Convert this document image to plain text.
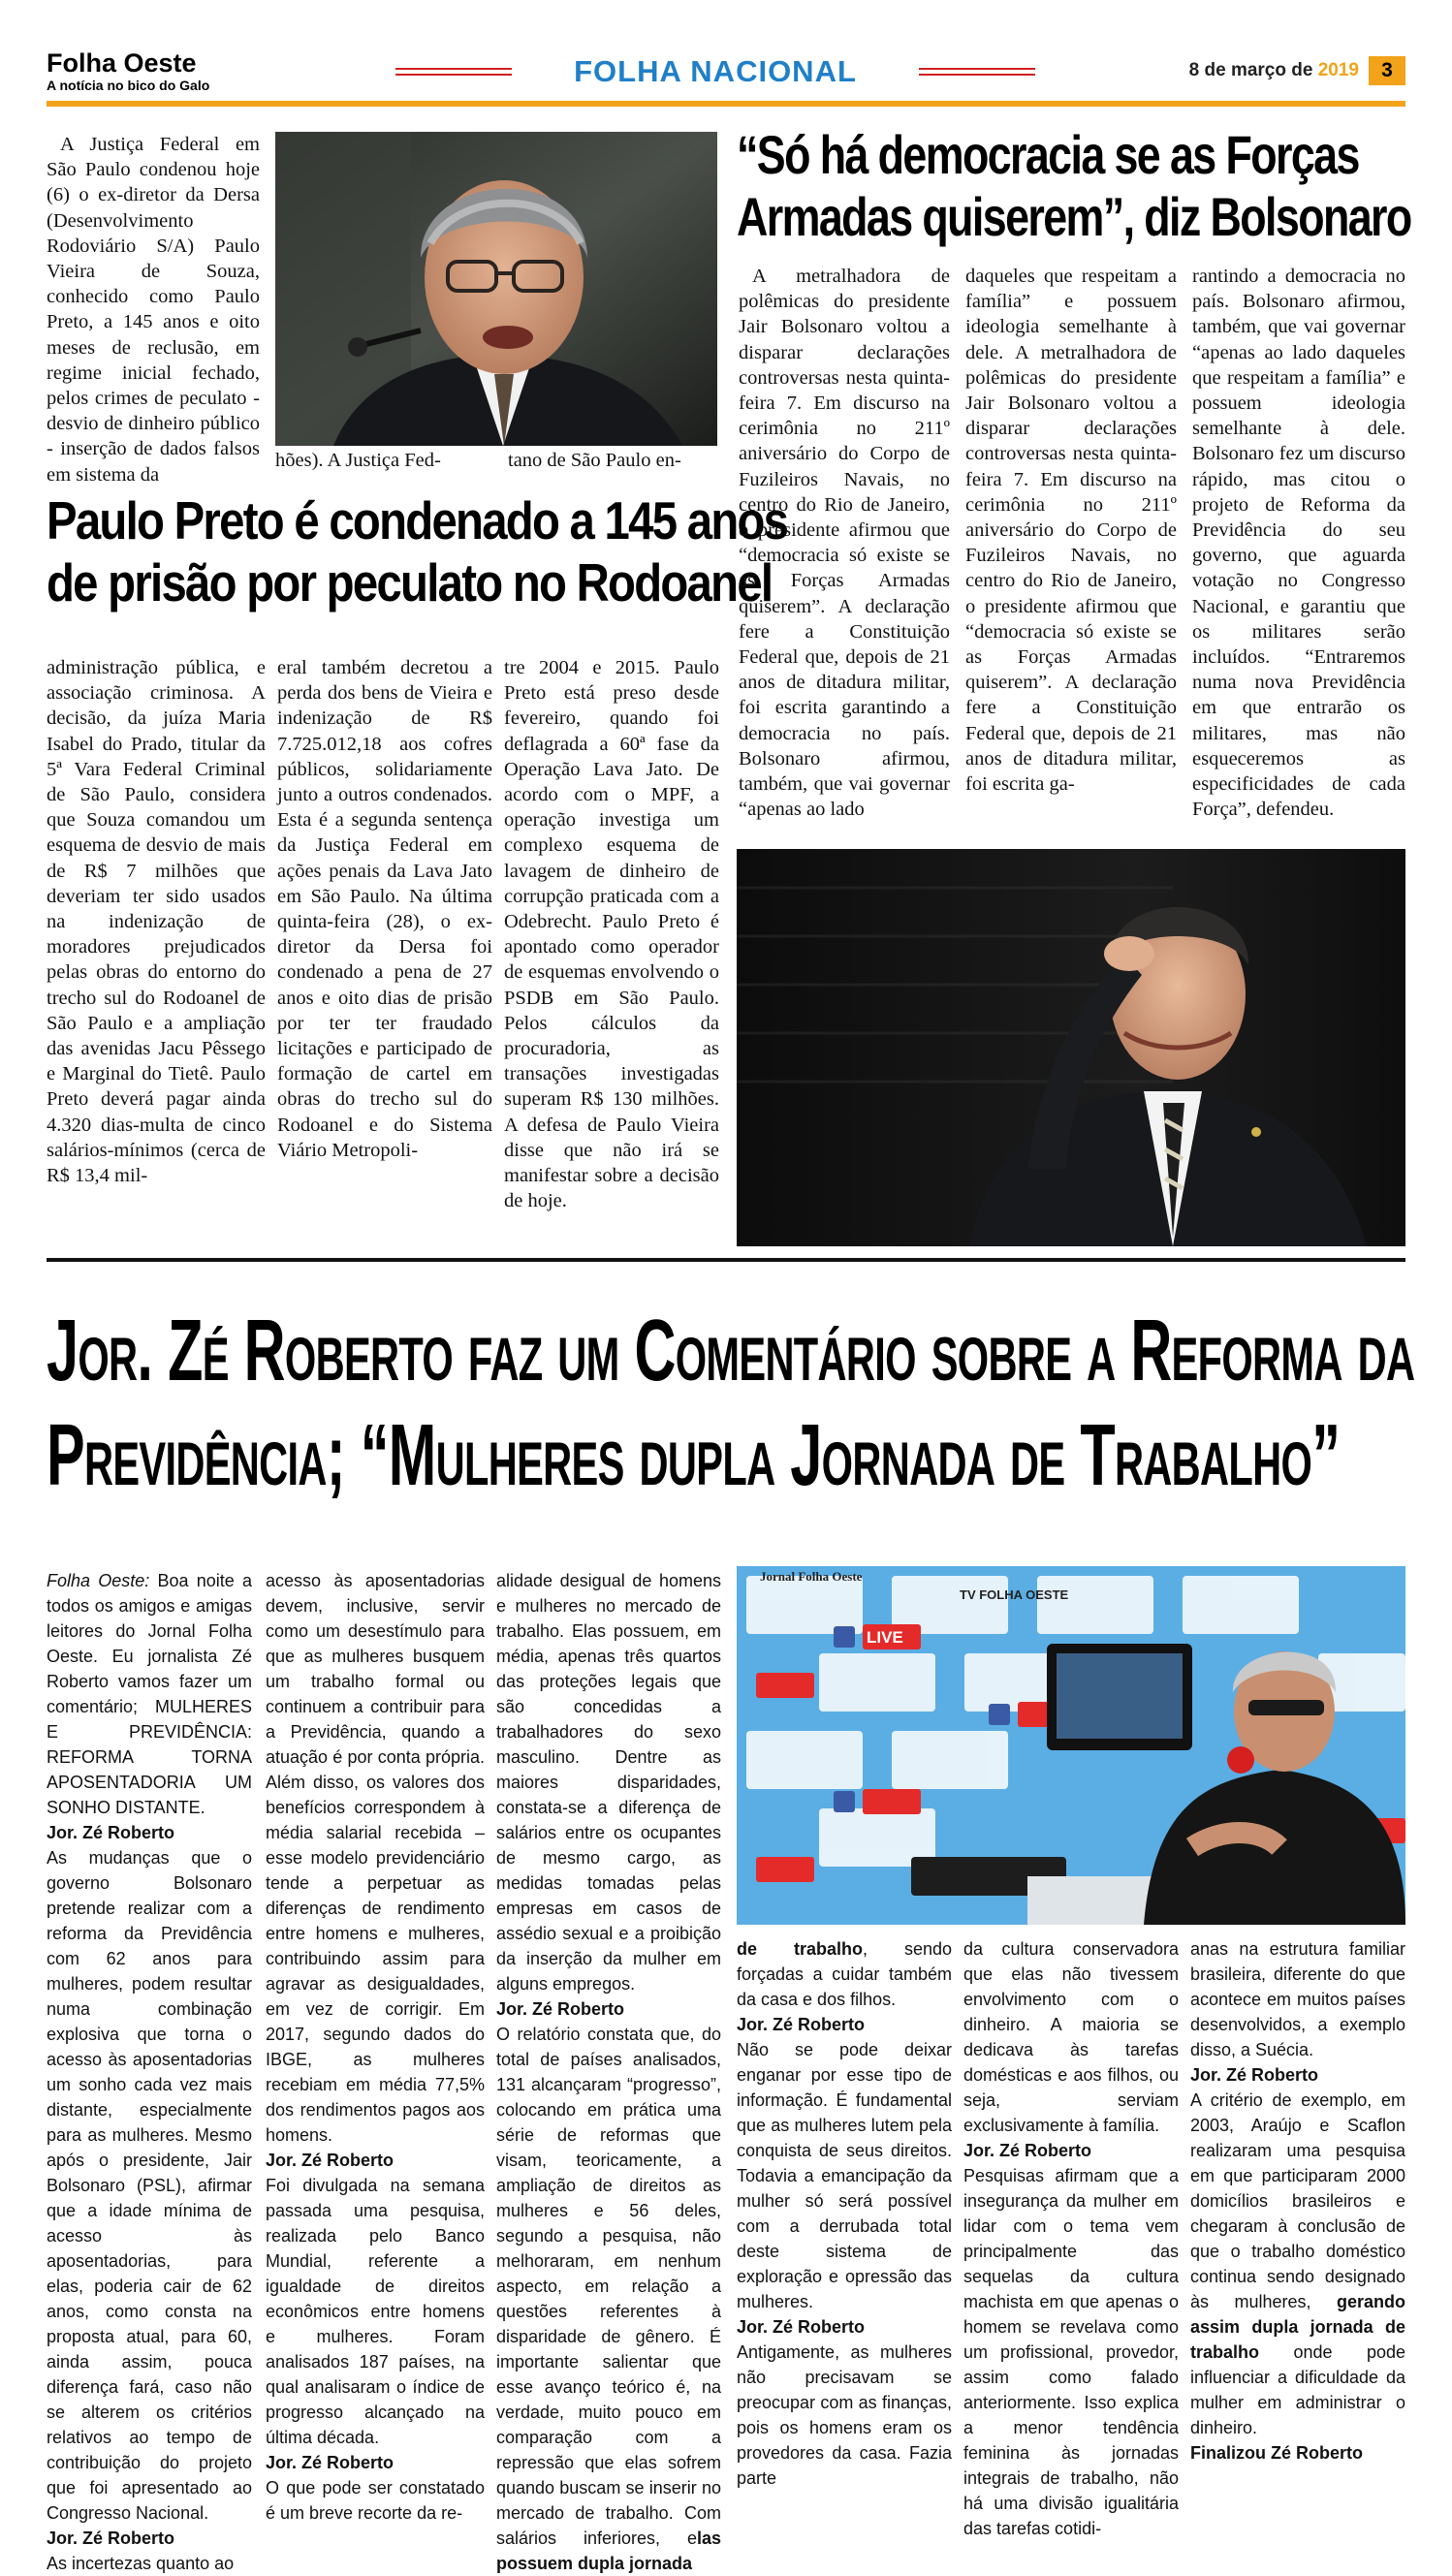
Folha Oeste
A notícia no bico do Galo	FOLHA NACIONAL	8 de março de 2019	3
A Justiça Federal em São Paulo condenou hoje (6) o ex-diretor da Dersa (Desenvolvimento Rodoviário S/A) Paulo Vieira de Souza, conhecido como Paulo Preto, a 145 anos e oito meses de reclusão, em regime inicial fechado, pelos crimes de peculato - desvio de dinheiro público - inserção de dados falsos em sistema da
hões). A Justiça Fed-	tano de São Paulo en-
Paulo Preto é condenado a 145 anos
de prisão por peculato no Rodoanel
administração pública, e associação criminosa. A decisão, da juíza Maria Isabel do Prado, titular da 5ª Vara Federal Criminal de São Paulo, considera que Souza comandou um esquema de desvio de mais de R$ 7 milhões que deveriam ter sido usados na indenização de moradores prejudicados pelas obras do entorno do trecho sul do Rodoanel de São Paulo e a ampliação das avenidas Jacu Pêssego e Marginal do Tietê. Paulo Preto deverá pagar ainda 4.320 dias-multa de cinco salários-mínimos (cerca de R$ 13,4 mil-
eral também decretou a perda dos bens de Vieira e indenização de R$ 7.725.012,18 aos cofres públicos, solidariamente junto a outros condenados. Esta é a segunda sentença da Justiça Federal em ações penais da Lava Jato em São Paulo. Na última quinta-feira (28), o ex-diretor da Dersa foi condenado a pena de 27 anos e oito dias de prisão por ter ter fraudado licitações e participado de formação de cartel em obras do trecho sul do Rodoanel e do Sistema Viário Metropoli-
tre 2004 e 2015. Paulo Preto está preso desde fevereiro, quando foi deflagrada a 60ª fase da Operação Lava Jato. De acordo com o MPF, a operação investiga um complexo esquema de lavagem de dinheiro de corrupção praticada com a Odebrecht. Paulo Preto é apontado como operador de esquemas envolvendo o PSDB em São Paulo. Pelos cálculos da procuradoria, as transações investigadas superam R$ 130 milhões. A defesa de Paulo Vieira disse que não irá se manifestar sobre a decisão de hoje.
“Só há democracia se as Forças
Armadas quiserem”, diz Bolsonaro
A metralhadora de polêmicas do presidente Jair Bolsonaro voltou a disparar declarações controversas nesta quinta-feira 7. Em discurso na cerimônia no 211º aniversário do Corpo de Fuzileiros Navais, no centro do Rio de Janeiro, o presidente afirmou que “democracia só existe se as Forças Armadas quiserem”. A declaração fere a Constituição Federal que, depois de 21 anos de ditadura militar, foi escrita garantindo a democracia no país. Bolsonaro afirmou, também, que vai governar “apenas ao lado
daqueles que respeitam a família” e possuem ideologia semelhante à dele. A metralhadora de polêmicas do presidente Jair Bolsonaro voltou a disparar declarações controversas nesta quinta-feira 7. Em discurso na cerimônia no 211º aniversário do Corpo de Fuzileiros Navais, no centro do Rio de Janeiro, o presidente afirmou que “democracia só existe se as Forças Armadas quiserem”. A declaração fere a Constituição Federal que, depois de 21 anos de ditadura militar, foi escrita ga-
rantindo a democracia no país. Bolsonaro afirmou, também, que vai governar “apenas ao lado daqueles que respeitam a família” e possuem ideologia semelhante à dele. Bolsonaro fez um discurso rápido, mas citou o projeto de Reforma da Previdência do seu governo, que aguarda votação no Congresso Nacional, e garantiu que os militares serão incluídos. “Entraremos numa nova Previdência em que entrarão os militares, mas não esqueceremos as especificidades de cada Força”, defendeu.
Jor. Zé Roberto faz um Comentário sobre a Reforma da
Previdência; “Mulheres dupla Jornada de Trabalho”
Folha Oeste: Boa noite a todos os amigos e amigas leitores do Jornal Folha Oeste. Eu jornalista Zé Roberto vamos fazer um comentário; MULHERES E PREVIDÊNCIA: REFORMA TORNA APOSENTADORIA UM SONHO DISTANTE.
Jor. Zé Roberto
As mudanças que o governo Bolsonaro pretende realizar com a reforma da Previdência com 62 anos para mulheres, podem resultar numa combinação explosiva que torna o acesso às aposentadorias um sonho cada vez mais distante, especialmente para as mulheres. Mesmo após o presidente, Jair Bolsonaro (PSL), afirmar que a idade mínima de acesso às aposentadorias, para elas, poderia cair de 62 anos, como consta na proposta atual, para 60, ainda assim, pouca diferença fará, caso não se alterem os critérios relativos ao tempo de contribuição do projeto que foi apresentado ao Congresso Nacional.
Jor. Zé Roberto
As incertezas quanto ao
acesso às aposentadorias devem, inclusive, servir como um desestímulo para que as mulheres busquem um trabalho formal ou continuem a contribuir para a Previdência, quando a atuação é por conta própria. Além disso, os valores dos benefícios correspondem à média salarial recebida – esse modelo previdenciário tende a perpetuar as diferenças de rendimento entre homens e mulheres, contribuindo assim para agravar as desigualdades, em vez de corrigir. Em 2017, segundo dados do IBGE, as mulheres recebiam em média 77,5% dos rendimentos pagos aos homens.
Jor. Zé Roberto
Foi divulgada na semana passada uma pesquisa, realizada pelo Banco Mundial, referente a igualdade de direitos econômicos entre homens e mulheres. Foram analisados 187 países, na qual analisaram o índice de progresso alcançado na última década.
Jor. Zé Roberto
O que pode ser constatado é um breve recorte da re-
alidade desigual de homens e mulheres no mercado de trabalho. Elas possuem, em média, apenas três quartos das proteções legais que são concedidas a trabalhadores do sexo masculino. Dentre as maiores disparidades, constata-se a diferença de salários entre os ocupantes de mesmo cargo, as medidas tomadas pelas empresas em casos de assédio sexual e a proibição da inserção da mulher em alguns empregos.
Jor. Zé Roberto
O relatório constata que, do total de países analisados, 131 alcançaram “progresso”, colocando em prática uma série de reformas que visam, teoricamente, a ampliação de direitos as mulheres e 56 deles, segundo a pesquisa, não melhoraram, em nenhum aspecto, em relação a questões referentes à disparidade de gênero. É importante salientar que esse avanço teórico é, na verdade, muito pouco em comparação com a repressão que elas sofrem quando buscam se inserir no mercado de trabalho. Com salários inferiores, elas possuem dupla jornada
Jornal Folha Oeste
TV FOLHA OESTE
LIVE
de trabalho, sendo forçadas a cuidar também da casa e dos filhos.
Jor. Zé Roberto
Não se pode deixar enganar por esse tipo de informação. É fundamental que as mulheres lutem pela conquista de seus direitos. Todavia a emancipação da mulher só será possível com a derrubada total deste sistema de exploração e opressão das mulheres.
Jor. Zé Roberto
Antigamente, as mulheres não precisavam se preocupar com as finanças, pois os homens eram os provedores da casa. Fazia parte
da cultura conservadora que elas não tivessem envolvimento com o dinheiro. A maioria se dedicava às tarefas domésticas e aos filhos, ou seja, serviam exclusivamente à família.
Jor. Zé Roberto
Pesquisas afirmam que a insegurança da mulher em lidar com o tema vem principalmente das sequelas da cultura machista em que apenas o homem se revelava como um profissional, provedor, assim como falado anteriormente. Isso explica a menor tendência feminina às jornadas integrais de trabalho, não há uma divisão igualitária das tarefas cotidi-
anas na estrutura familiar brasileira, diferente do que acontece em muitos países desenvolvidos, a exemplo disso, a Suécia.
Jor. Zé Roberto
A critério de exemplo, em 2003, Araújo e Scaflon realizaram uma pesquisa em que participaram 2000 domicílios brasileiros e chegaram à conclusão de que o trabalho doméstico continua sendo designado às mulheres, gerando assim dupla jornada de trabalho onde pode influenciar a dificuldade da mulher em administrar o dinheiro.
Finalizou Zé Roberto
